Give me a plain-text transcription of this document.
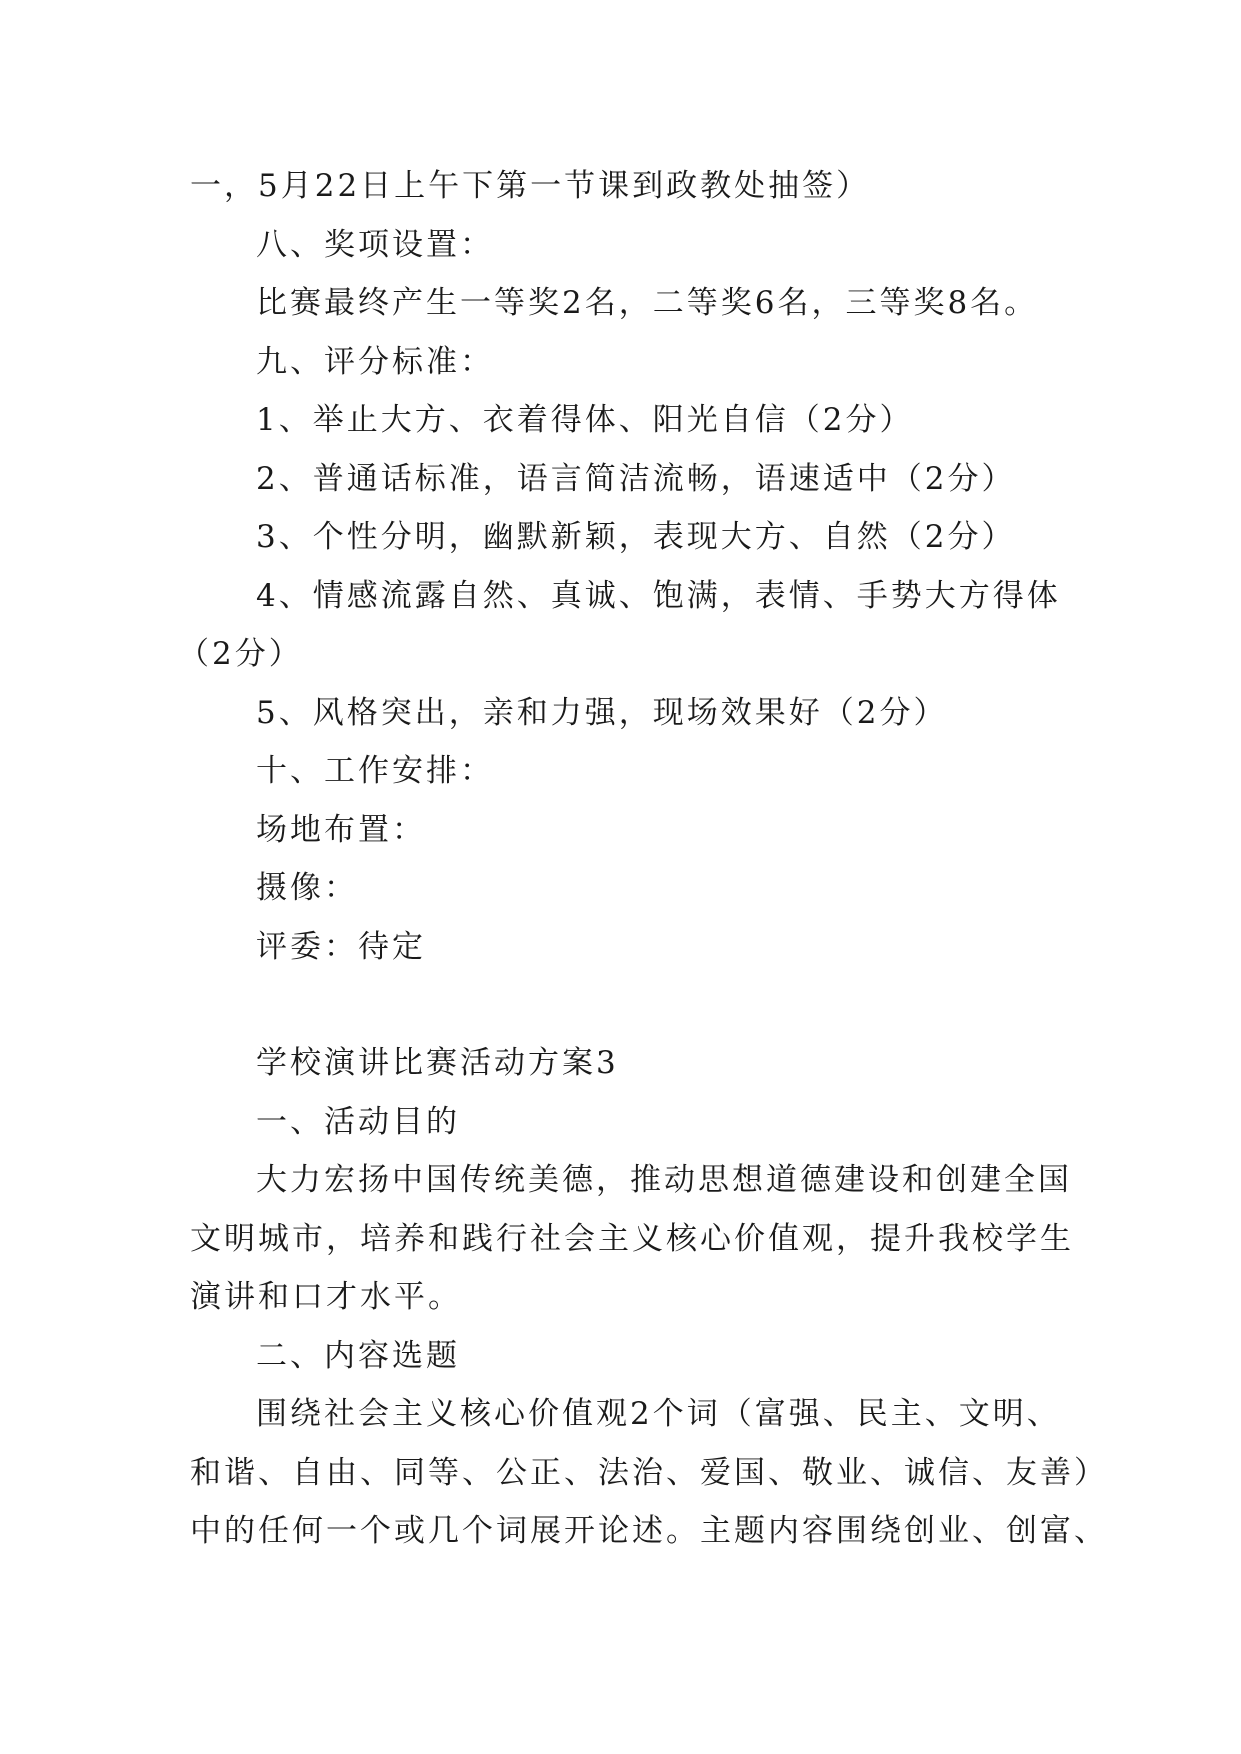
一，5月22日上午下第一节课到政教处抽签）
八、奖项设置：
比赛最终产生一等奖2名，二等奖6名，三等奖8名。
九、评分标准：
1、举止大方、衣着得体、阳光自信（2分）
2、普通话标准，语言简洁流畅，语速适中（2分）
3、个性分明，幽默新颖，表现大方、自然（2分）
4、情感流露自然、真诚、饱满，表情、手势大方得体
（2分）
5、风格突出，亲和力强，现场效果好（2分）
十、工作安排：
场地布置：
摄像：
评委：待定
学校演讲比赛活动方案3
一、活动目的
大力宏扬中国传统美德，推动思想道德建设和创建全国
文明城市，培养和践行社会主义核心价值观，提升我校学生
演讲和口才水平。
二、内容选题
围绕社会主义核心价值观2个词（富强、民主、文明、
和谐、自由、同等、公正、法治、爱国、敬业、诚信、友善）
中的任何一个或几个词展开论述。主题内容围绕创业、创富、
